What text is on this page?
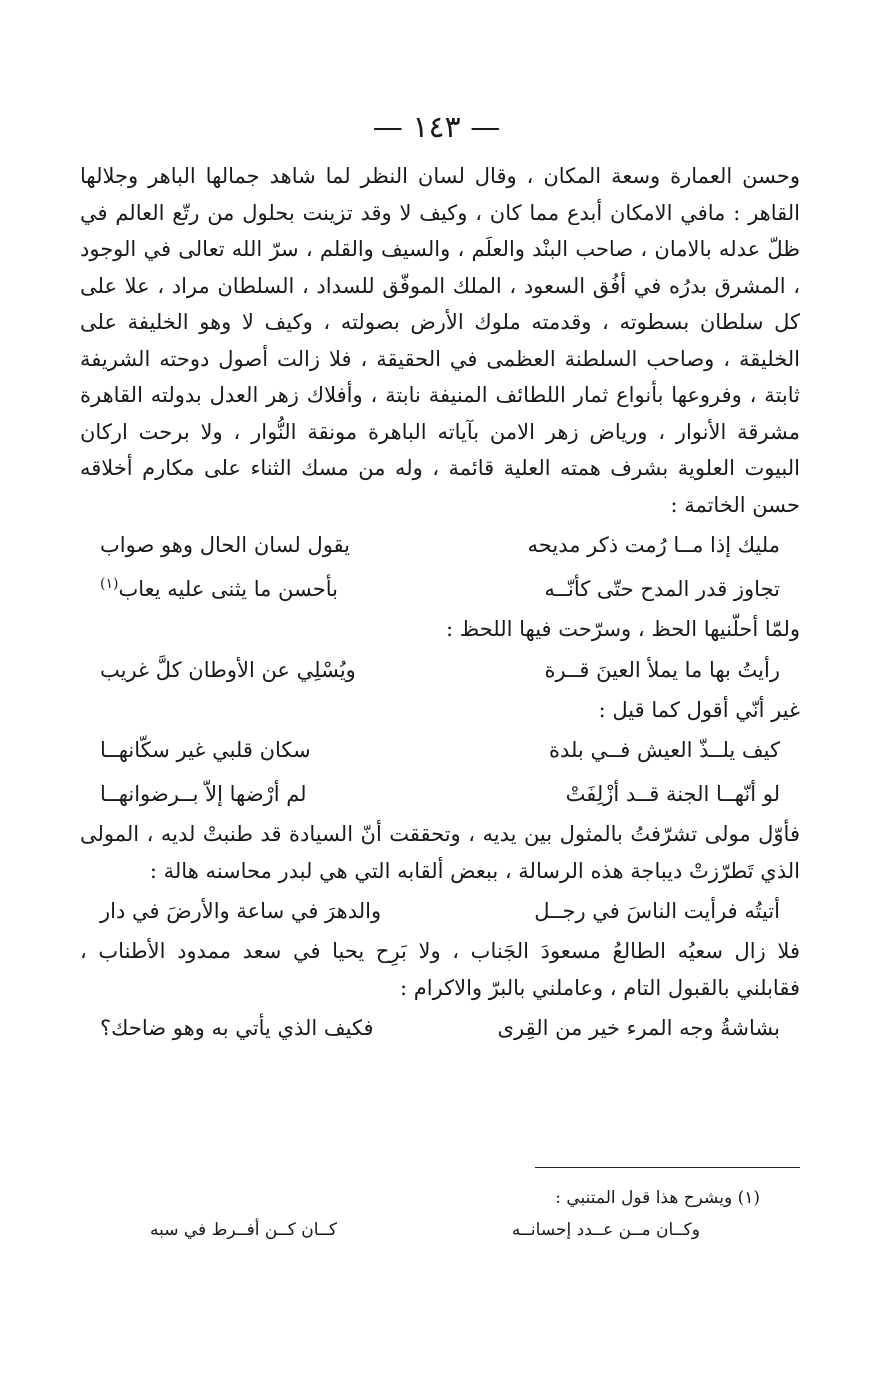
— ١٤٣ —

وحسن العمارة وسعة المكان ، وقال لسان النظر لما شاهد جمالها الباهر وجلالها القاهر : مافي الامكان أبدع مما كان ، وكيف لا وقد تزينت بحلول من رتّع العالم في ظلّ عدله بالامان ، صاحب البنْد والعلَم ، والسيف والقلم ، سرّ الله تعالى في الوجود ، المشرق بدرُه في أفُق السعود ، الملك الموفّق للسداد ، السلطان مراد ، علا على كل سلطان بسطوته ، وقدمته ملوك الأرض بصولته ، وكيف لا وهو الخليفة على الخليقة ، وصاحب السلطنة العظمى في الحقيقة ، فلا زالت أصول دوحته الشريفة ثابتة ، وفروعها بأنواع ثمار اللطائف المنيفة نابتة ، وأفلاك زهر العدل بدولته القاهرة مشرقة الأنوار ، ورياض زهر الامن بآياته الباهرة مونقة النُّوار ، ولا برحت اركان البيوت العلوية بشرف همته العلية قائمة ، وله من مسك الثناء على مكارم أخلاقه حسن الخاتمة :

مليك إذا مــا رُمت ذكر مديحه
يقول لسان الحال وهو صواب
تجاوز قدر المدح حتّى كأنّــه
بأحسن ما يثنى عليه يعاب$^{(١)}$

ولمّا أحلّنيها الحظ ، وسرّحت فيها اللحظ :

رأيتُ بها ما يملأ العينَ قــرة
ويُسْلِي عن الأوطان كلَّ غريب

غير أنّي أقول كما قيل :

كيف يلــذّ العيش فــي بلدة
سكان قلبي غير سكّانهــا
لو أنّهــا الجنة قــد أزْلِفَتْ
لم أرْضها إلاّ بــرضوانهــا

فأوّل مولى تشرّفتُ بالمثول بين يديه ، وتحققت أنّ السيادة قد طنبتْ لديه ، المولى الذي تَطرّزتْ ديباجة هذه الرسالة ، ببعض ألقابه التي هي لبدر محاسنه هالة :

أتيتُه فرأيت الناسَ في رجــل
والدهرَ في ساعة والأرضَ في دار

فلا زال سعيُه الطالعُ مسعودَ الجَناب ، ولا بَرِح يحيا في سعد ممدود الأطناب ، فقابلني بالقبول التام ، وعاملني بالبرّ والاكرام :

بشاشةُ وجه المرء خير من القِرى
فكيف الذي يأتي به وهو ضاحك؟

(١) ويشرح هذا قول المتنبي :

وكــان مــن عــدد إحسانــه
كــان كــن أفــرط في سبه
